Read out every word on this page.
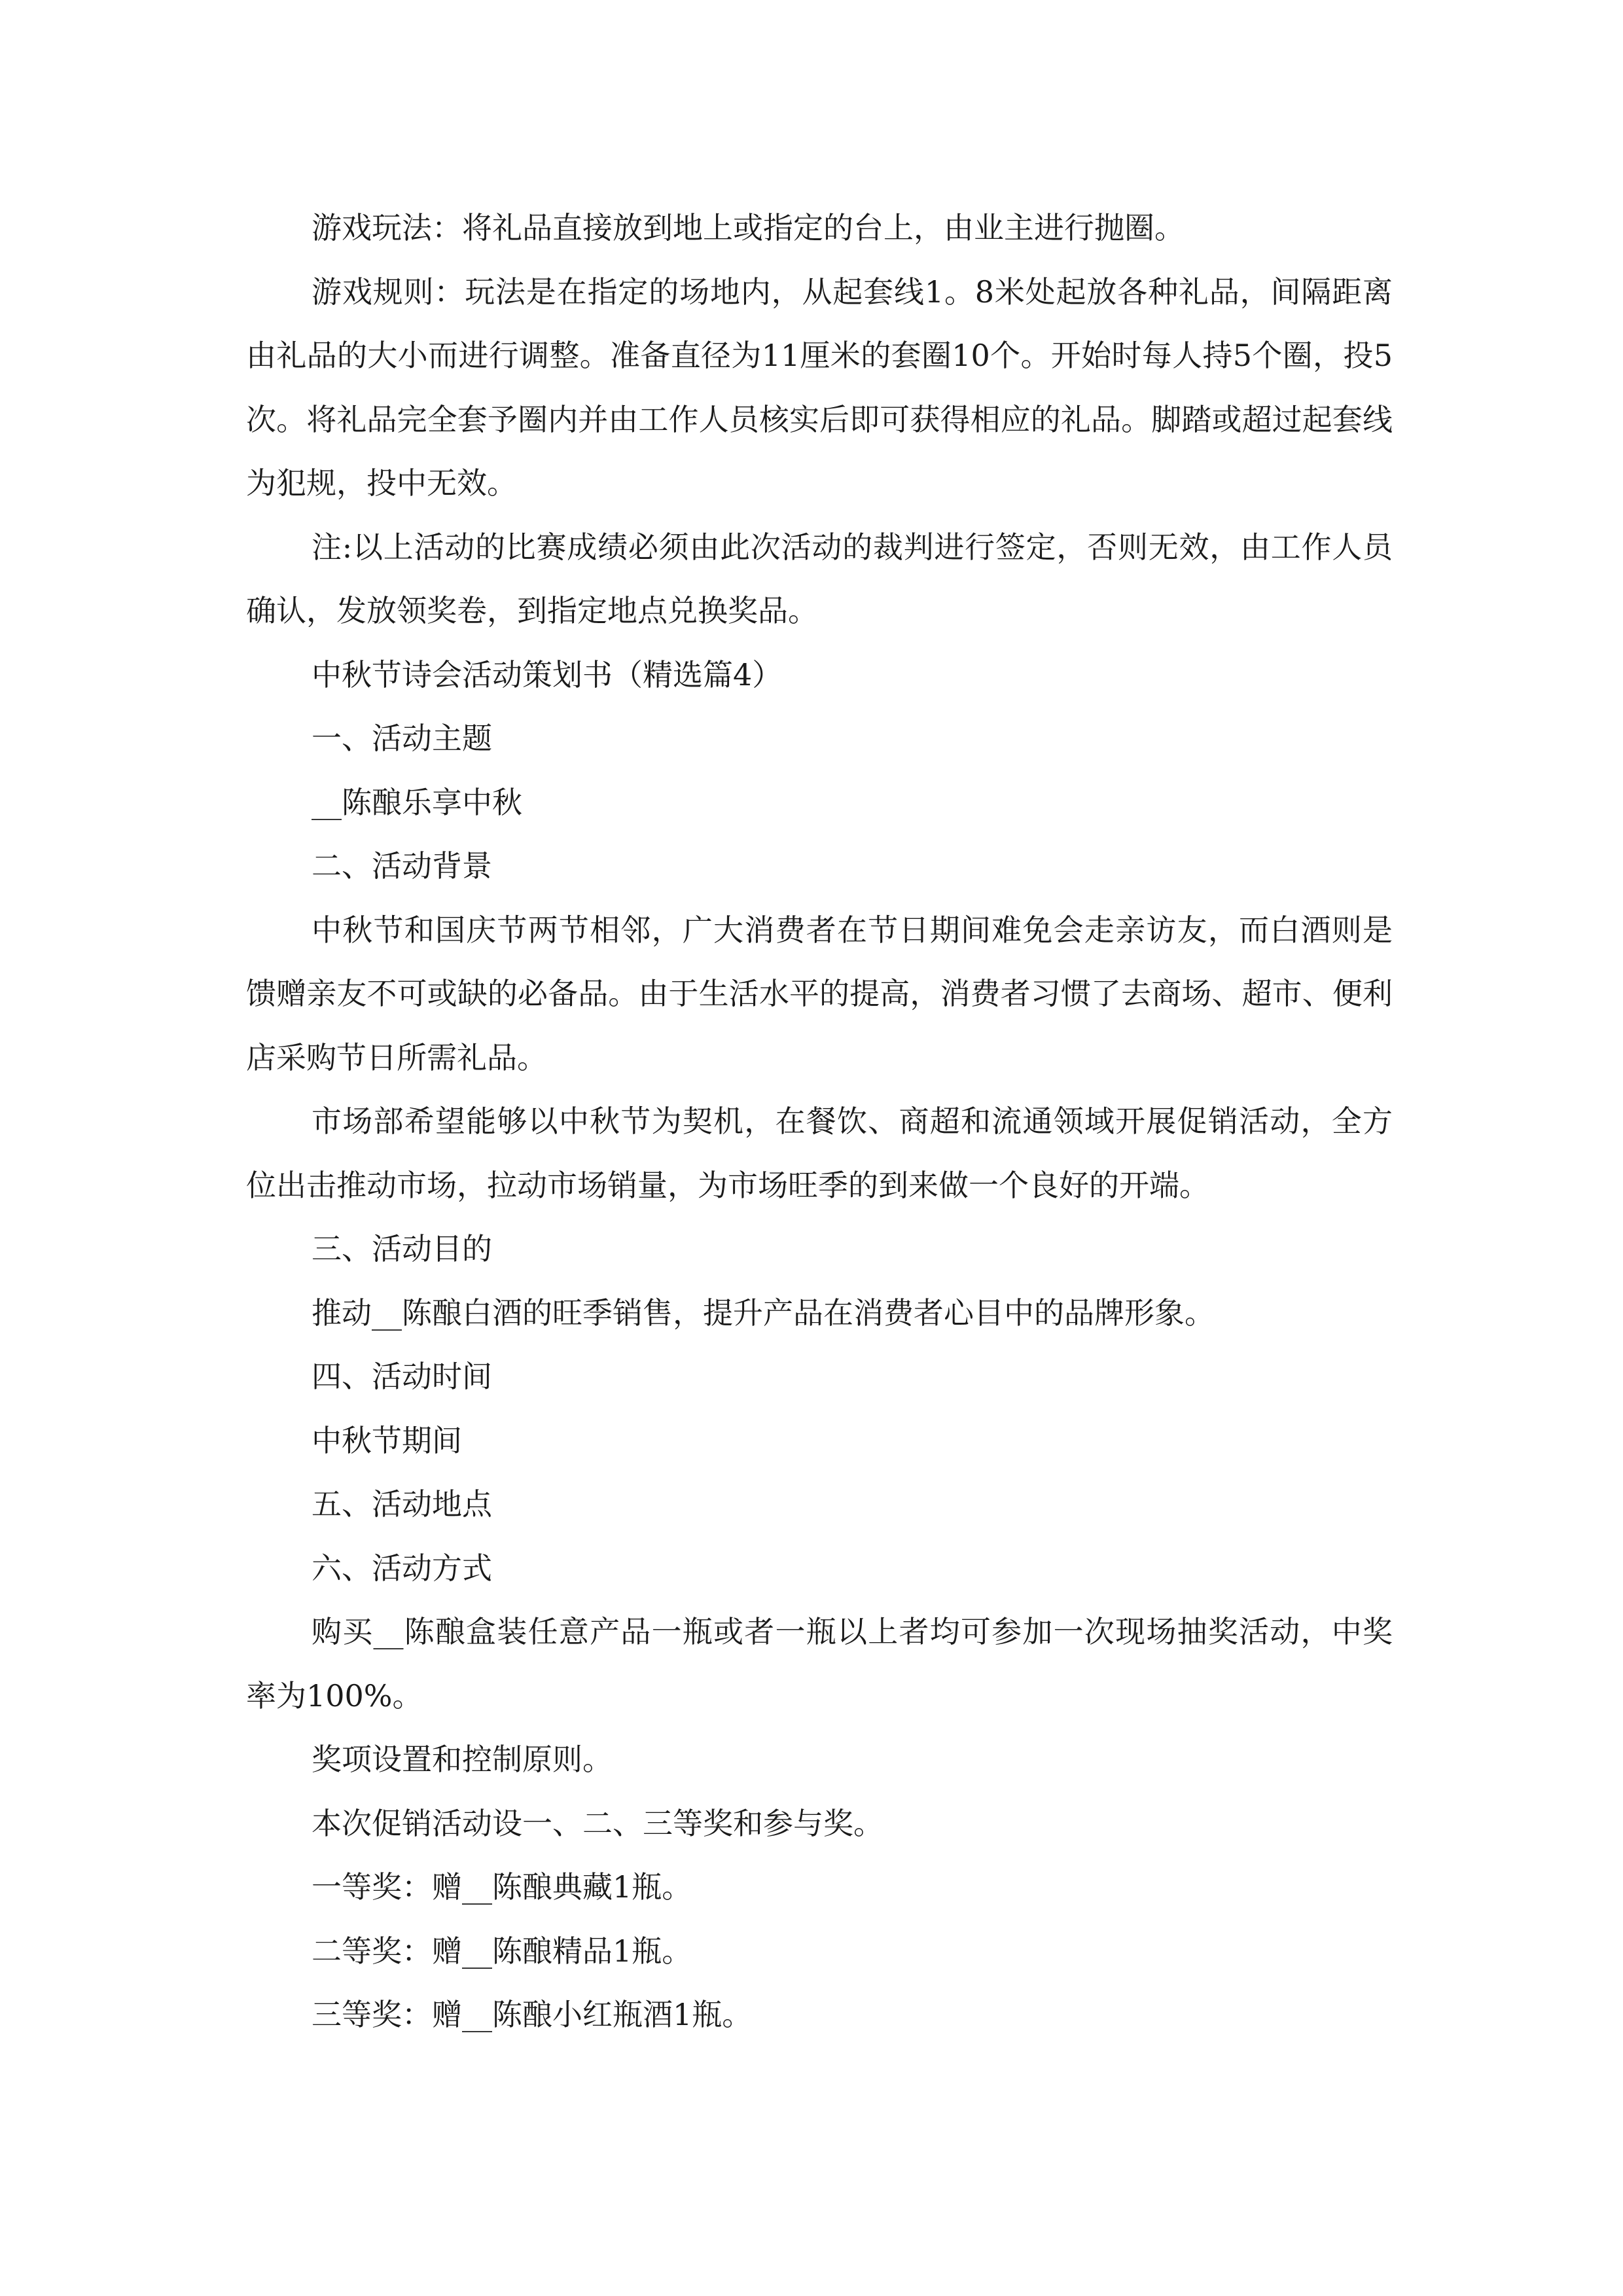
游戏玩法：将礼品直接放到地上或指定的台上，由业主进行抛圈。

游戏规则：玩法是在指定的场地内，从起套线1。8米处起放各种礼品，间隔距离由礼品的大小而进行调整。准备直径为11厘米的套圈10个。开始时每人持5个圈，投5次。将礼品完全套予圈内并由工作人员核实后即可获得相应的礼品。脚踏或超过起套线为犯规，投中无效。

注:以上活动的比赛成绩必须由此次活动的裁判进行签定，否则无效，由工作人员确认，发放领奖卷，到指定地点兑换奖品。

中秋节诗会活动策划书（精选篇4）

一、活动主题

__陈酿乐享中秋

二、活动背景

中秋节和国庆节两节相邻，广大消费者在节日期间难免会走亲访友，而白酒则是馈赠亲友不可或缺的必备品。由于生活水平的提高，消费者习惯了去商场、超市、便利店采购节日所需礼品。

市场部希望能够以中秋节为契机，在餐饮、商超和流通领域开展促销活动，全方位出击推动市场，拉动市场销量，为市场旺季的到来做一个良好的开端。

三、活动目的

推动__陈酿白酒的旺季销售，提升产品在消费者心目中的品牌形象。

四、活动时间

中秋节期间

五、活动地点

六、活动方式

购买__陈酿盒装任意产品一瓶或者一瓶以上者均可参加一次现场抽奖活动，中奖率为100%。

奖项设置和控制原则。

本次促销活动设一、二、三等奖和参与奖。

一等奖：赠__陈酿典藏1瓶。

二等奖：赠__陈酿精品1瓶。

三等奖：赠__陈酿小红瓶酒1瓶。
